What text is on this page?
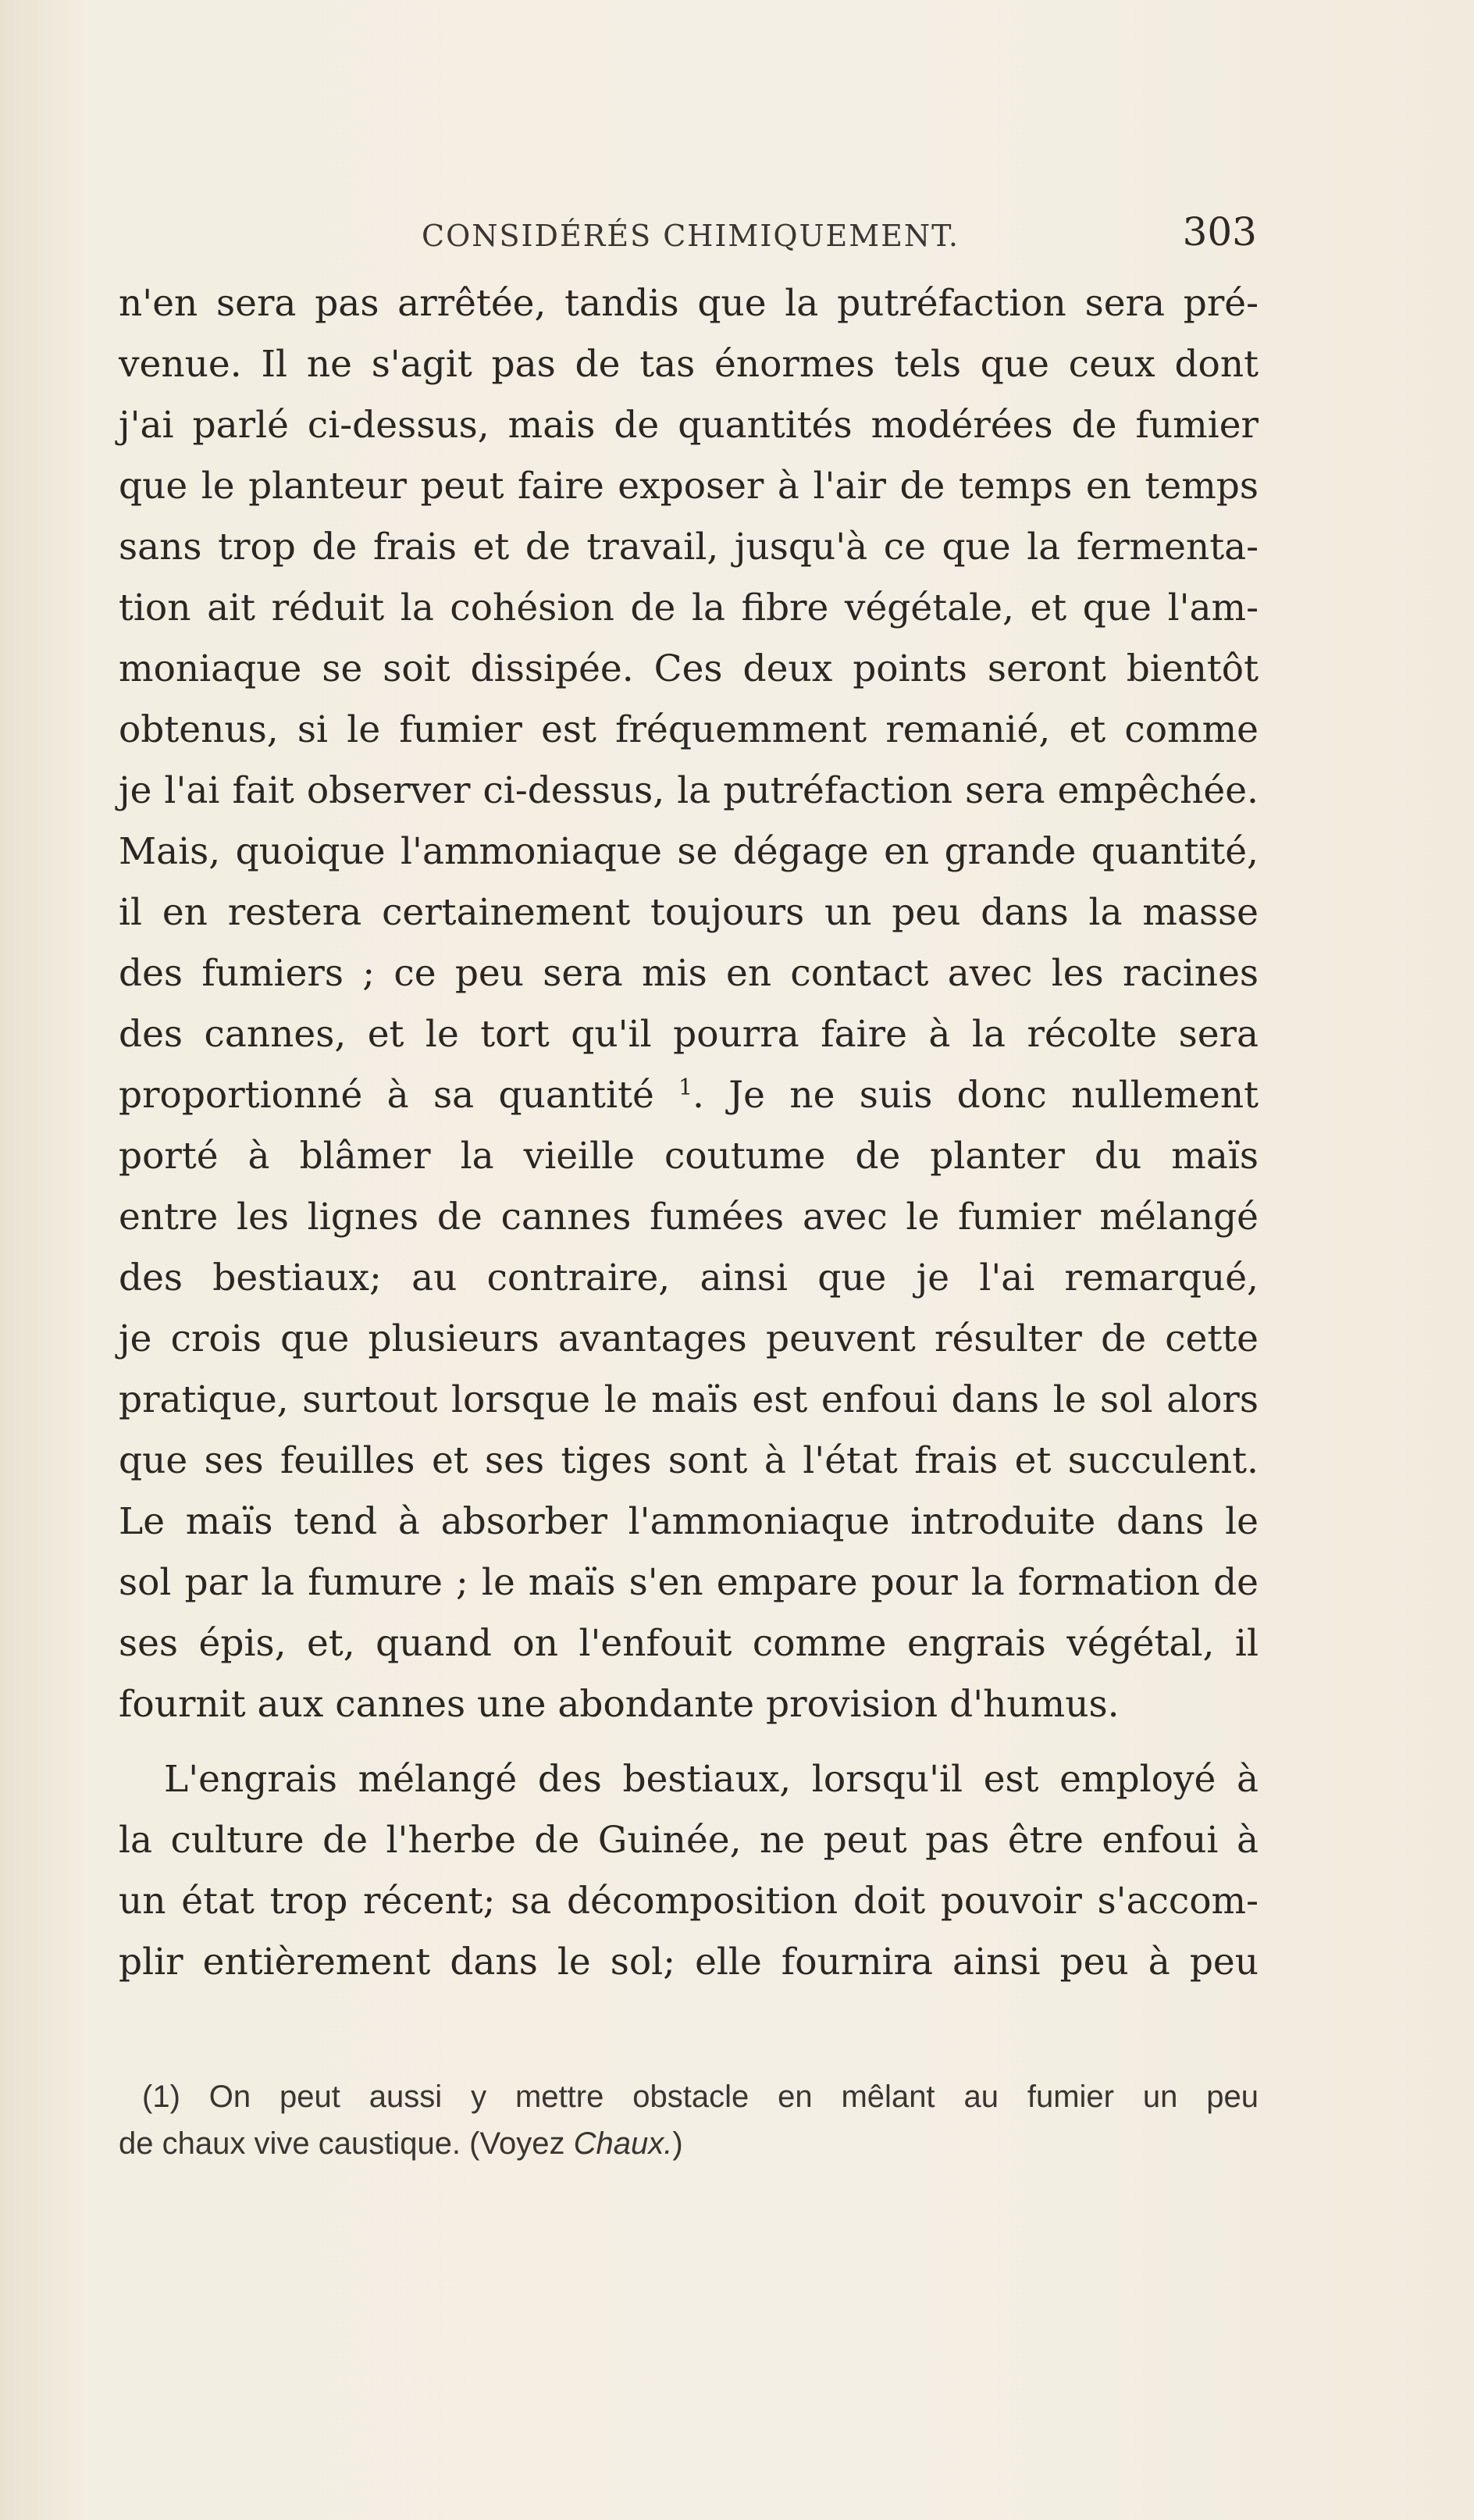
CONSIDÉRÉS CHIMIQUEMENT.	303
n'en sera pas arrêtée, tandis que la putréfaction sera pré-
venue. Il ne s'agit pas de tas énormes tels que ceux dont
j'ai parlé ci-dessus, mais de quantités modérées de fumier
que le planteur peut faire exposer à l'air de temps en temps
sans trop de frais et de travail, jusqu'à ce que la fermenta-
tion ait réduit la cohésion de la fibre végétale, et que l'am-
moniaque se soit dissipée. Ces deux points seront bientôt
obtenus, si le fumier est fréquemment remanié, et comme
je l'ai fait observer ci-dessus, la putréfaction sera empêchée.
Mais, quoique l'ammoniaque se dégage en grande quantité,
il en restera certainement toujours un peu dans la masse
des fumiers ; ce peu sera mis en contact avec les racines
des cannes, et le tort qu'il pourra faire à la récolte sera
proportionné à sa quantité $^1$. Je ne suis donc nullement
porté à blâmer la vieille coutume de planter du maïs
entre les lignes de cannes fumées avec le fumier mélangé
des bestiaux; au contraire, ainsi que je l'ai remarqué,
je crois que plusieurs avantages peuvent résulter de cette
pratique, surtout lorsque le maïs est enfoui dans le sol alors
que ses feuilles et ses tiges sont à l'état frais et succulent.
Le maïs tend à absorber l'ammoniaque introduite dans le
sol par la fumure ; le maïs s'en empare pour la formation de
ses épis, et, quand on l'enfouit comme engrais végétal, il
fournit aux cannes une abondante provision d'humus.
L'engrais mélangé des bestiaux, lorsqu'il est employé à
la culture de l'herbe de Guinée, ne peut pas être enfoui à
un état trop récent; sa décomposition doit pouvoir s'accom-
plir entièrement dans le sol; elle fournira ainsi peu à peu
(1) On peut aussi y mettre obstacle en mêlant au fumier un peu
de chaux vive caustique. (Voyez Chaux.)
